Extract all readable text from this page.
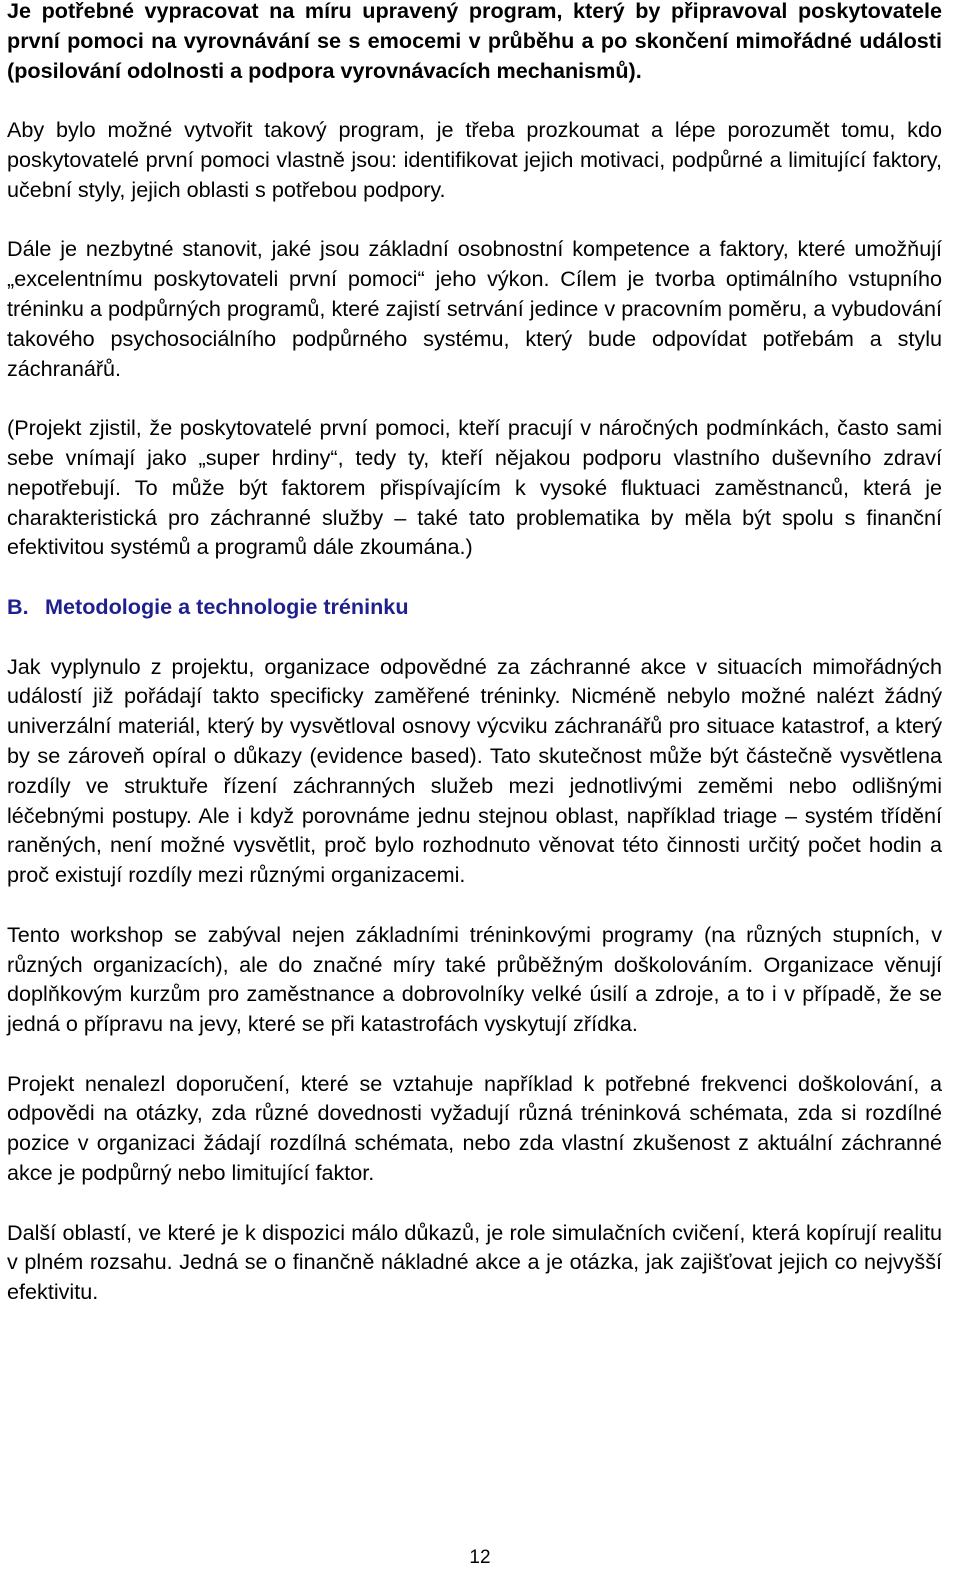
Je potřebné vypracovat na míru upravený program, který by připravoval poskytovatele první pomoci na vyrovnávání se s emocemi v průběhu a po skončení mimořádné události (posilování odolnosti a podpora vyrovnávacích mechanismů).

Aby bylo možné vytvořit takový program, je třeba prozkoumat a lépe porozumět tomu, kdo poskytovatelé první pomoci vlastně jsou: identifikovat jejich motivaci, podpůrné a limitující faktory, učební styly, jejich oblasti s potřebou podpory.

Dále je nezbytné stanovit, jaké jsou základní osobnostní kompetence a faktory, které umožňují „excelentnímu poskytovateli první pomoci“ jeho výkon. Cílem je tvorba optimálního vstupního tréninku a podpůrných programů, které zajistí setrvání jedince v pracovním poměru, a vybudování takového psychosociálního podpůrného systému, který bude odpovídat potřebám a stylu záchranářů.

(Projekt zjistil, že poskytovatelé první pomoci, kteří pracují v náročných podmínkách, často sami sebe vnímají jako „super hrdiny“, tedy ty, kteří nějakou podporu vlastního duševního zdraví nepotřebují. To může být faktorem přispívajícím k vysoké fluktuaci zaměstnanců, která je charakteristická pro záchranné služby – také tato problematika by měla být spolu s finanční efektivitou systémů a programů dále zkoumána.)

B. Metodologie a technologie tréninku

Jak vyplynulo z projektu, organizace odpovědné za záchranné akce v situacích mimořádných událostí již pořádají takto specificky zaměřené tréninky. Nicméně nebylo možné nalézt žádný univerzální materiál, který by vysvětloval osnovy výcviku záchranářů pro situace katastrof, a který by se zároveň opíral o důkazy (evidence based). Tato skutečnost může být částečně vysvětlena rozdíly ve struktuře řízení záchranných služeb mezi jednotlivými zeměmi nebo odlišnými léčebnými postupy. Ale i když porovnáme jednu stejnou oblast, například triage – systém třídění raněných, není možné vysvětlit, proč bylo rozhodnuto věnovat této činnosti určitý počet hodin a proč existují rozdíly mezi různými organizacemi.

Tento workshop se zabýval nejen základními tréninkovými programy (na různých stupních, v různých organizacích), ale do značné míry také průběžným doškolováním. Organizace věnují doplňkovým kurzům pro zaměstnance a dobrovolníky velké úsilí a zdroje, a to i v případě, že se jedná o přípravu na jevy, které se při katastrofách vyskytují zřídka.

Projekt nenalezl doporučení, které se vztahuje například k potřebné frekvenci doškolování, a odpovědi na otázky, zda různé dovednosti vyžadují různá tréninková schémata, zda si rozdílné pozice v organizaci žádají rozdílná schémata, nebo zda vlastní zkušenost z aktuální záchranné akce je podpůrný nebo limitující faktor.

Další oblastí, ve které je k dispozici málo důkazů, je role simulačních cvičení, která kopírují realitu v plném rozsahu. Jedná se o finančně nákladné akce a je otázka, jak zajišťovat jejich co nejvyšší efektivitu.

12
